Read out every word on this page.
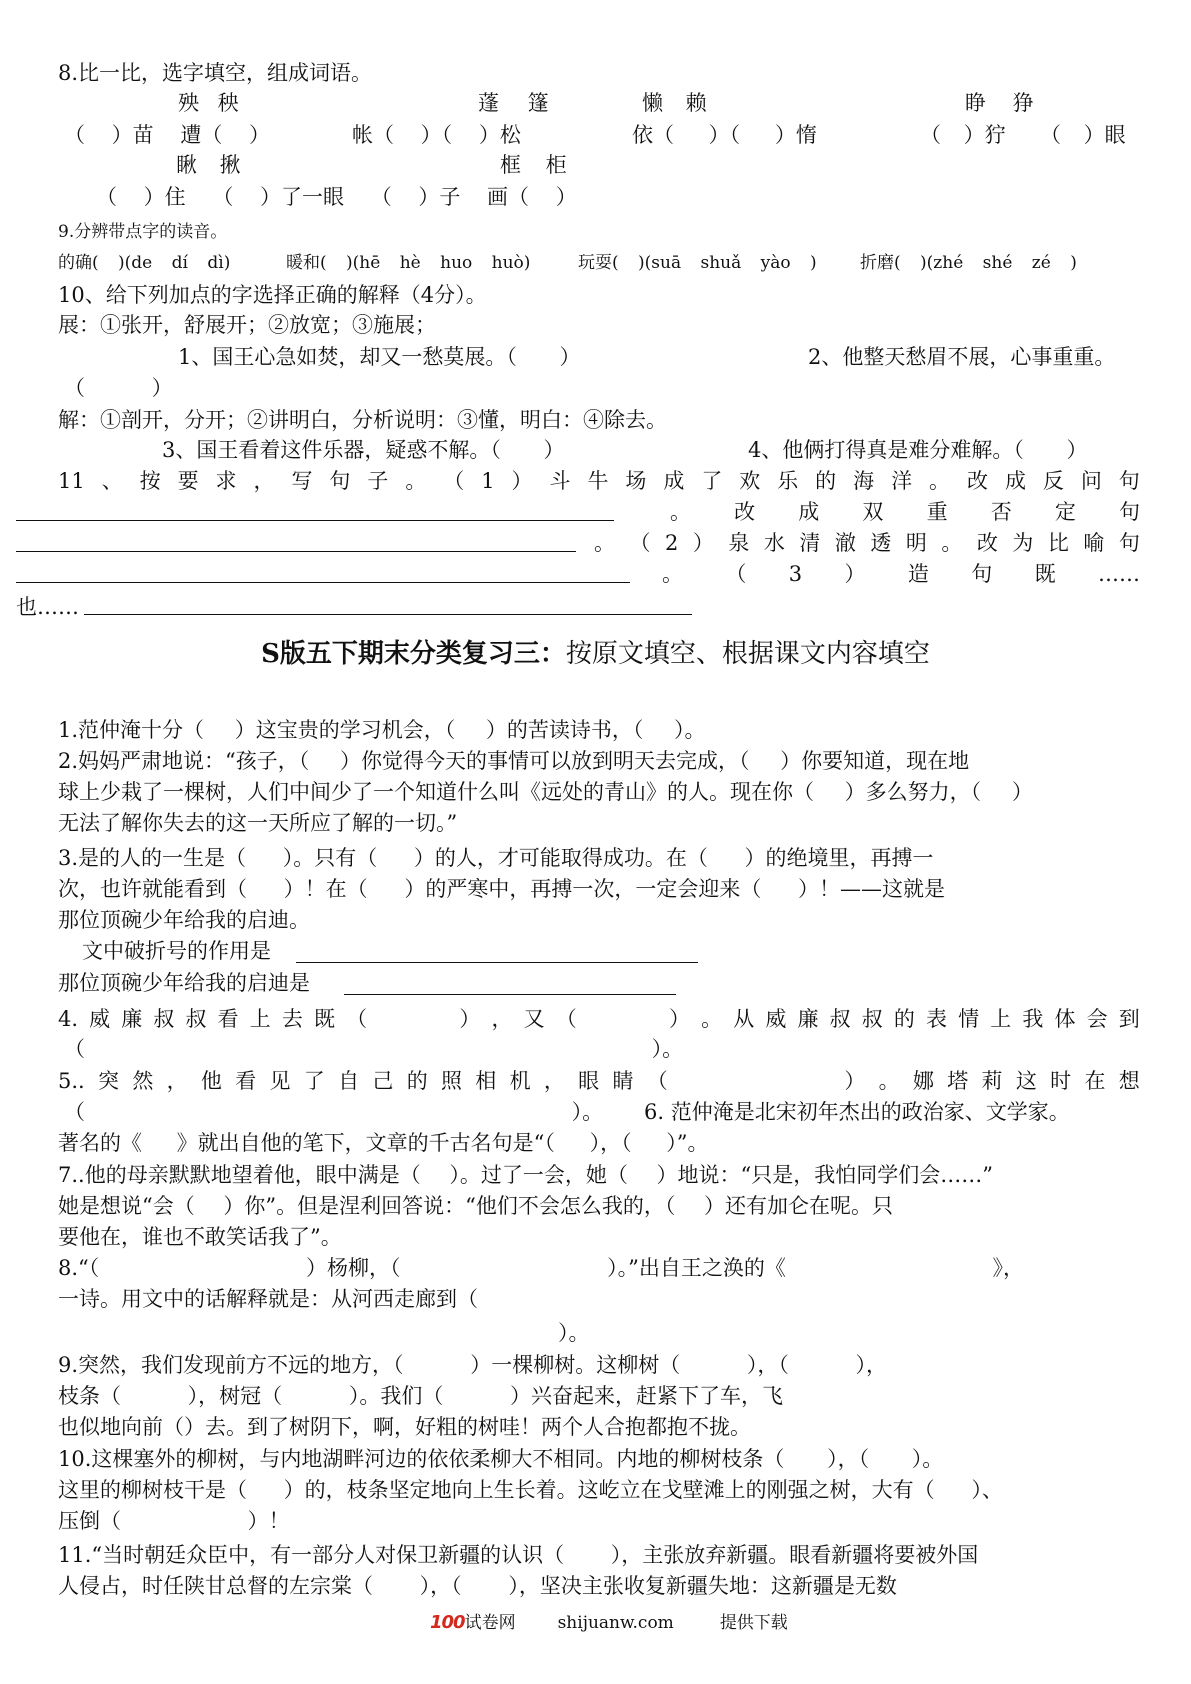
8.比一比，选字填空，组成词语。
殃 秧	蓬 篷	懒 赖	睁 狰
（ ）苗 遭（ ）	帐（ ）（ ）松	依（ ）（ ）惰	（ ）狞 （ ）眼
瞅 揪	框 柜
（ ）住 （ ）了一眼 （ ）子 画（ ）
9.分辨带点字的读音。
的确( )(de dí dì)	暖和( )(hē hè huo huò)	玩耍( )(suā shuǎ yào )	折磨( )(zhé shé zé )
10、给下列加点的字选择正确的解释（4分）。
展：①张开，舒展开；②放宽；③施展；
1、国王心急如焚，却又一愁莫展。（ ）	2、他整天愁眉不展，心事重重。
（ ）
解：①剖开，分开；②讲明白，分析说明：③懂，明白：④除去。
3、国王看着这件乐器，疑惑不解。（ ）	4、他俩打得真是难分难解。（ ）
11 、 按 要 求 ， 写 句 子 。 （ 1 ） 斗 牛 场 成 了 欢 乐 的 海 洋 。 改 成 反 问 句
。 改 成 双 重 否 定 句
。 （ 2 ） 泉 水 清 澈 透 明 。 改 为 比 喻 句
。 （ 3 ） 造 句 既 ……
也……
S版五下期末分类复习三：按原文填空、根据课文内容填空
1.范仲淹十分（ ）这宝贵的学习机会，（ ）的苦读诗书，（ ）。
2.妈妈严肃地说：“孩子，（ ）你觉得今天的事情可以放到明天去完成，（ ）你要知道，现在地
球上少栽了一棵树，人们中间少了一个知道什么叫《远处的青山》的人。现在你（ ）多么努力，（ ）
无法了解你失去的这一天所应了解的一切。”
3.是的人的一生是（ ）。只有（ ）的人，才可能取得成功。在（ ）的绝境里，再搏一
次，也许就能看到（ ）！在（ ）的严寒中，再搏一次，一定会迎来（ ）！——这就是
那位顶碗少年给我的启迪。
文中破折号的作用是
那位顶碗少年给我的启迪是
4. 威 廉 叔 叔 看 上 去 既 （	） ， 又 （	） 。 从 威 廉 叔 叔 的 表 情 上 我 体 会 到
（ ）。
5.. 突 然 ， 他 看 见 了 自 己 的 照 相 机 ， 眼 睛 （	） 。 娜 塔 莉 这 时 在 想
（ ）。 6. 范仲淹是北宋初年杰出的政治家、文学家。
著名的《 》就出自他的笔下，文章的千古名句是“（ ），（ ）”。
7..他的母亲默默地望着他，眼中满是（ ）。过了一会，她（ ）地说：“只是，我怕同学们会……”
她是想说“会（ ）你”。但是涅利回答说：“他们不会怎么我的，（ ）还有加仑在呢。只
要他在，谁也不敢笑话我了”。
8.“（ ）杨柳，（ ）。”出自王之涣的《 》，
一诗。用文中的话解释就是：从河西走廊到（
）。
9.突然，我们发现前方不远的地方，（ ）一棵柳树。这柳树（ ），（ ），
枝条（ ），树冠（ ）。我们（ ）兴奋起来，赶紧下了车，飞
也似地向前（）去。到了树阴下，啊，好粗的树哇！两个人合抱都抱不拢。
10.这棵塞外的柳树，与内地湖畔河边的依依柔柳大不相同。内地的柳树枝条（ ），（ ）。
这里的柳树枝干是（ ）的，枝条坚定地向上生长着。这屹立在戈壁滩上的刚强之树，大有（ ）、
压倒（ ）！
11.“当时朝廷众臣中，有一部分人对保卫新疆的认识（ ），主张放弃新疆。眼看新疆将要被外国
人侵占，时任陕甘总督的左宗棠（ ），（ ），坚决主张收复新疆失地：这新疆是无数
100试卷网 shijuanw.com	提供下载
